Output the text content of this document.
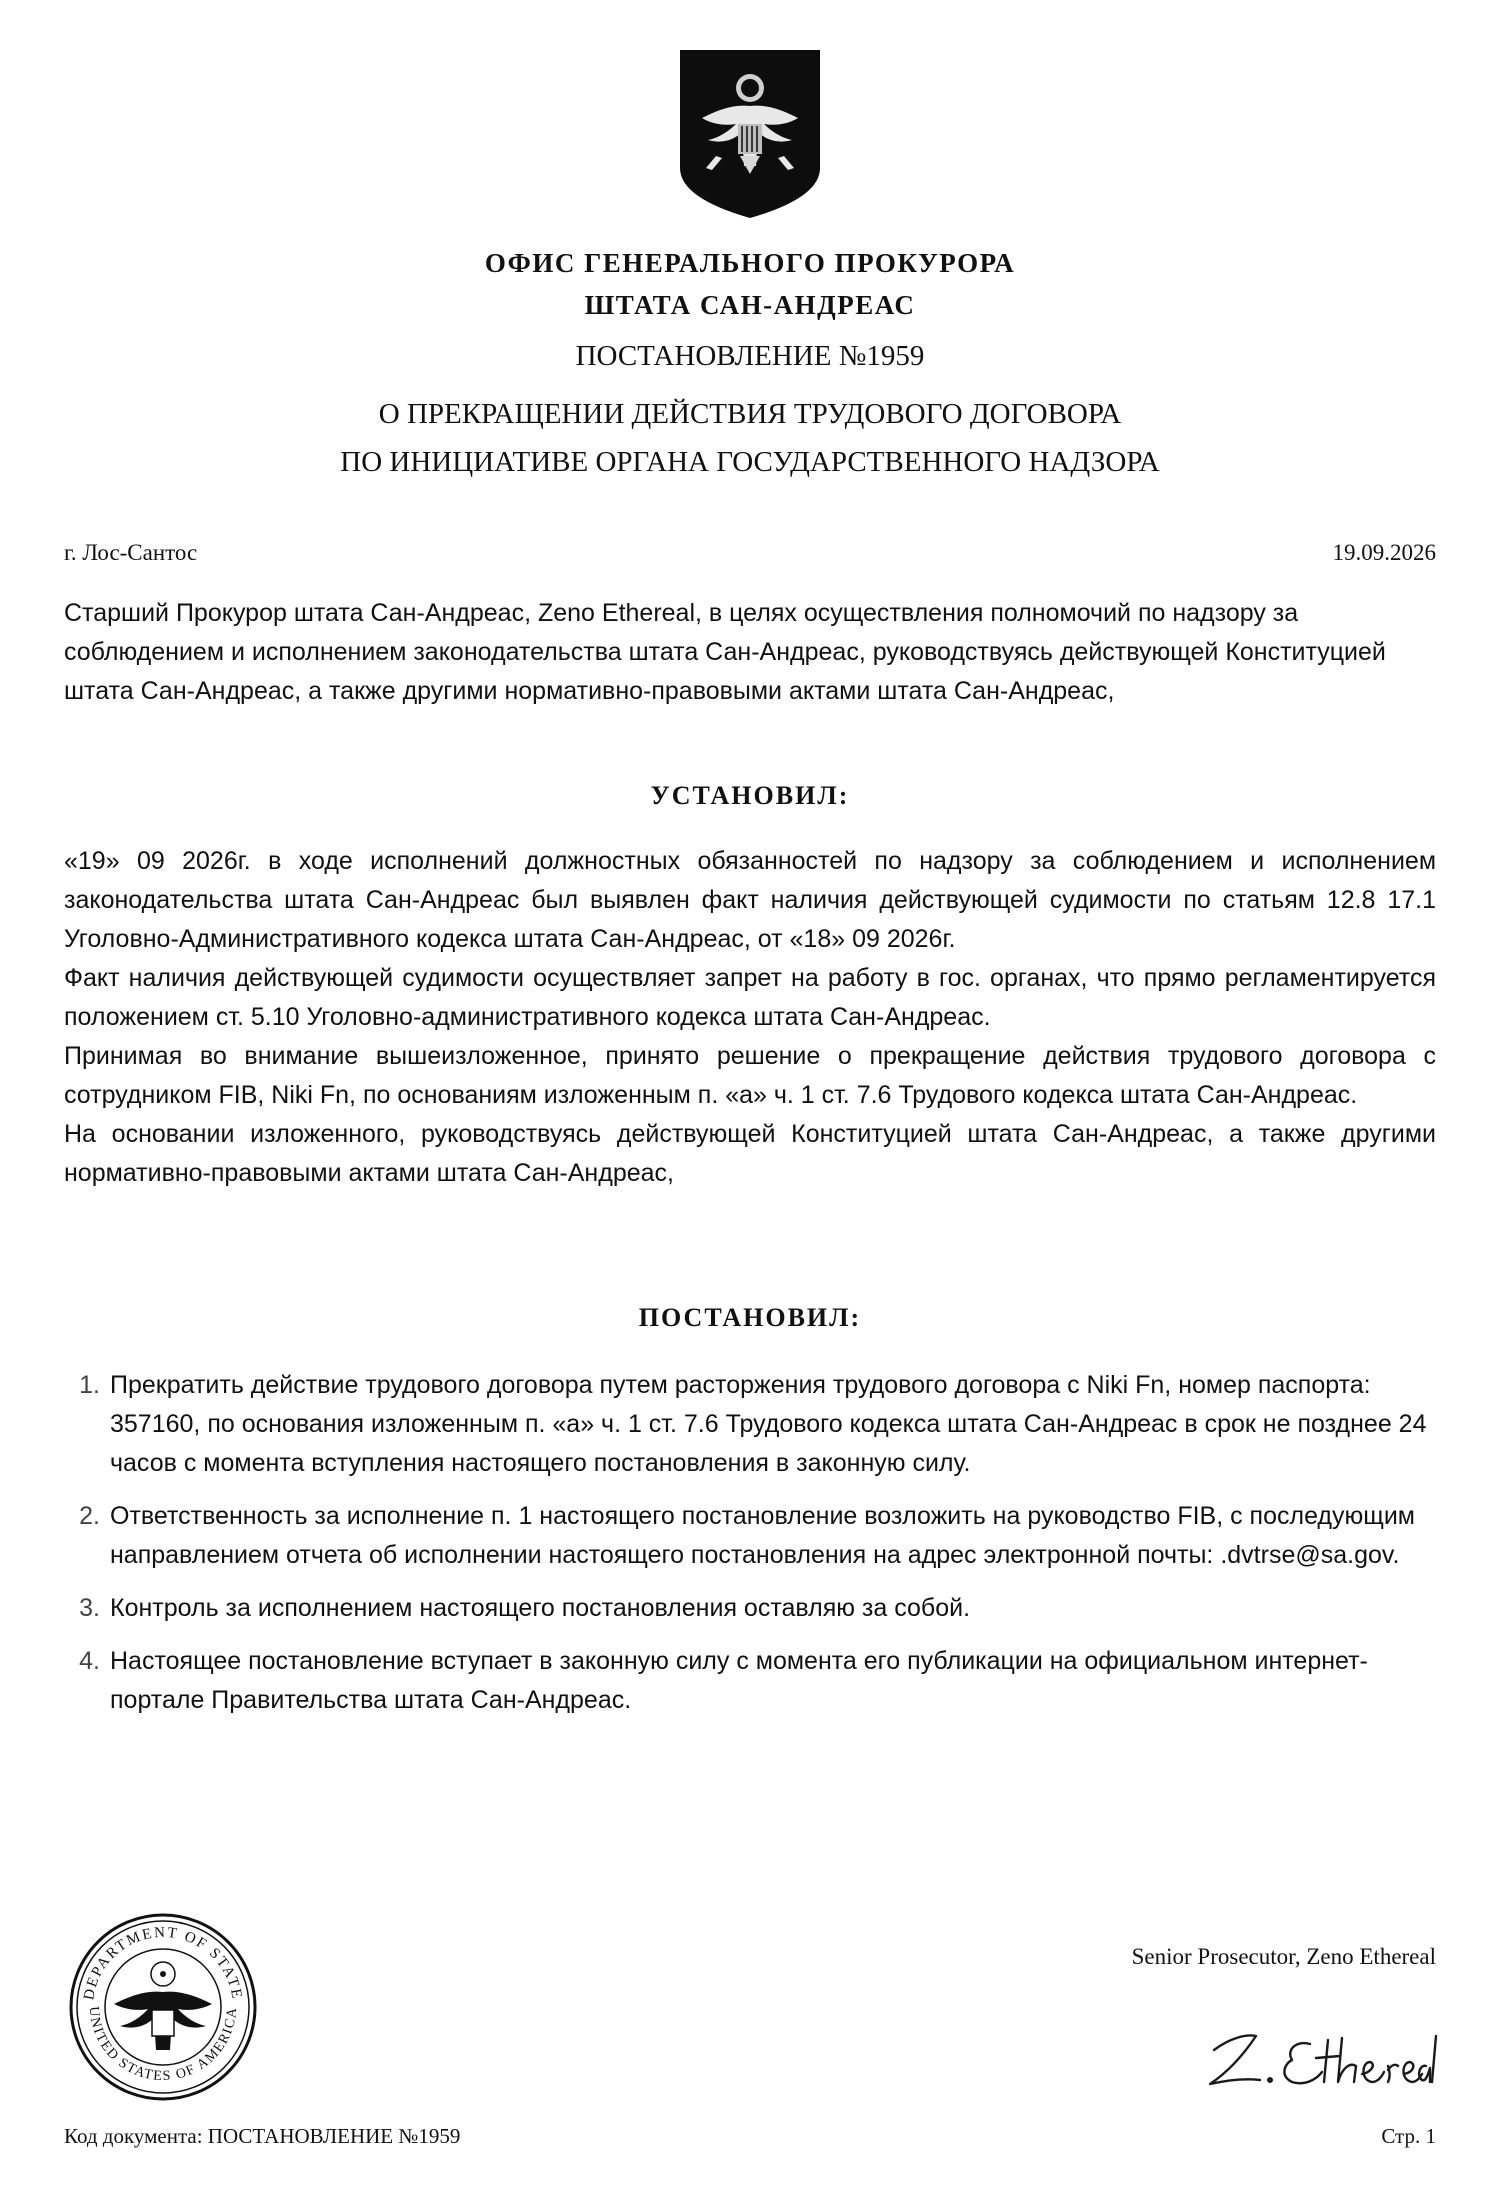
ОФИС ГЕНЕРАЛЬНОГО ПРОКУРОРА
ШТАТА САН-АНДРЕАС
ПОСТАНОВЛЕНИЕ №1959
О ПРЕКРАЩЕНИИ ДЕЙСТВИЯ ТРУДОВОГО ДОГОВОРА
ПО ИНИЦИАТИВЕ ОРГАНА ГОСУДАРСТВЕННОГО НАДЗОРА
г. Лос-Сантос	19.09.2026
Старший Прокурор штата Сан-Андреас, Zeno Ethereal, в целях осуществления полномочий по надзору за соблюдением и исполнением законодательства штата Сан-Андреас, руководствуясь действующей Конституцией штата Сан-Андреас, а также другими нормативно-правовыми актами штата Сан-Андреас,
УСТАНОВИЛ:

«19» 09 2026г. в ходе исполнений должностных обязанностей по надзору за соблюдением и исполнением законодательства штата Сан-Андреас был выявлен факт наличия действующей судимости по статьям 12.8 17.1 Уголовно-Административного кодекса штата Сан-Андреас, от «18» 09 2026г.

Факт наличия действующей судимости осуществляет запрет на работу в гос. органах, что прямо регламентируется положением ст. 5.10 Уголовно-административного кодекса штата Сан-Андреас.

Принимая во внимание вышеизложенное, принято решение о прекращение действия трудового договора с сотрудником FIB, Niki Fn, по основаниям изложенным п. «а» ч. 1 ст. 7.6 Трудового кодекса штата Сан-Андреас.

На основании изложенного, руководствуясь действующей Конституцией штата Сан-Андреас, а также другими нормативно-правовыми актами штата Сан-Андреас,

ПОСТАНОВИЛ:
1. Прекратить действие трудового договора путем расторжения трудового договора с Niki Fn, номер паспорта: 357160, по основания изложенным п. «а» ч. 1 ст. 7.6 Трудового кодекса штата Сан-Андреас в срок не позднее 24 часов с момента вступления настоящего постановления в законную силу.
2. Ответственность за исполнение п. 1 настоящего постановление возложить на руководство FIB, с последующим направлением отчета об исполнении настоящего постановления на адрес электронной почты: .dvtrse@sa.gov.
3. Контроль за исполнением настоящего постановления оставляю за собой.
4. Настоящее постановление вступает в законную силу с момента его публикации на официальном интернет-портале Правительства штата Сан-Андреас.
DEPARTMENT OF STATE
UNITED STATES OF AMERICA
Senior Prosecutor, Zeno Ethereal
Код документа: ПОСТАНОВЛЕНИЕ №1959	Стр. 1
